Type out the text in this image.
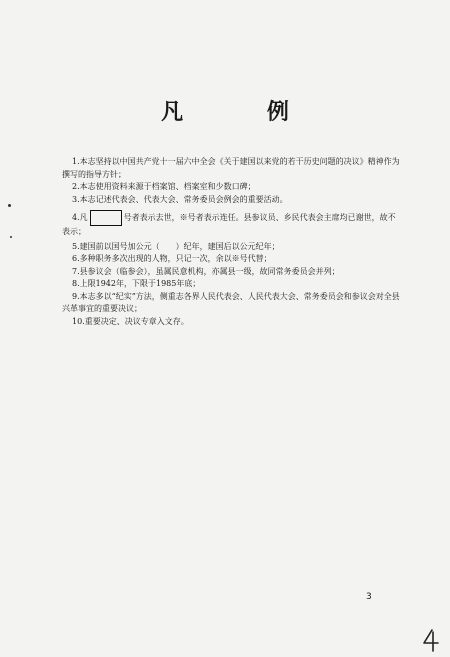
凡 例

1.本志坚持以中国共产党十一届六中全会《关于建国以来党的若干历史问题的决议》精神作为撰写的指导方针；

2.本志使用资料来源于档案馆、档案室和少数口碑；

3.本志记述代表会、代表大会、常务委员会例会的重要活动。

4.凡	号者表示去世，※号者表示连任。县参议员、乡民代表会主席均已谢世，故不表示；

5.建国前以国号加公元（　　）纪年，建国后以公元纪年；

6.多种职务多次出现的人物，只记一次，余以※号代替；

7.县参议会（临参会），虽属民意机构，亦属县一级，故同常务委员会并列；

8.上限1942年，下限于1985年底；

9.本志多以“纪实”方法，侧重志各界人民代表会、人民代表大会、常务委员会和参议会对全县兴革事宜的重要决议；

10.重要决定、决议专章入文存。

3
